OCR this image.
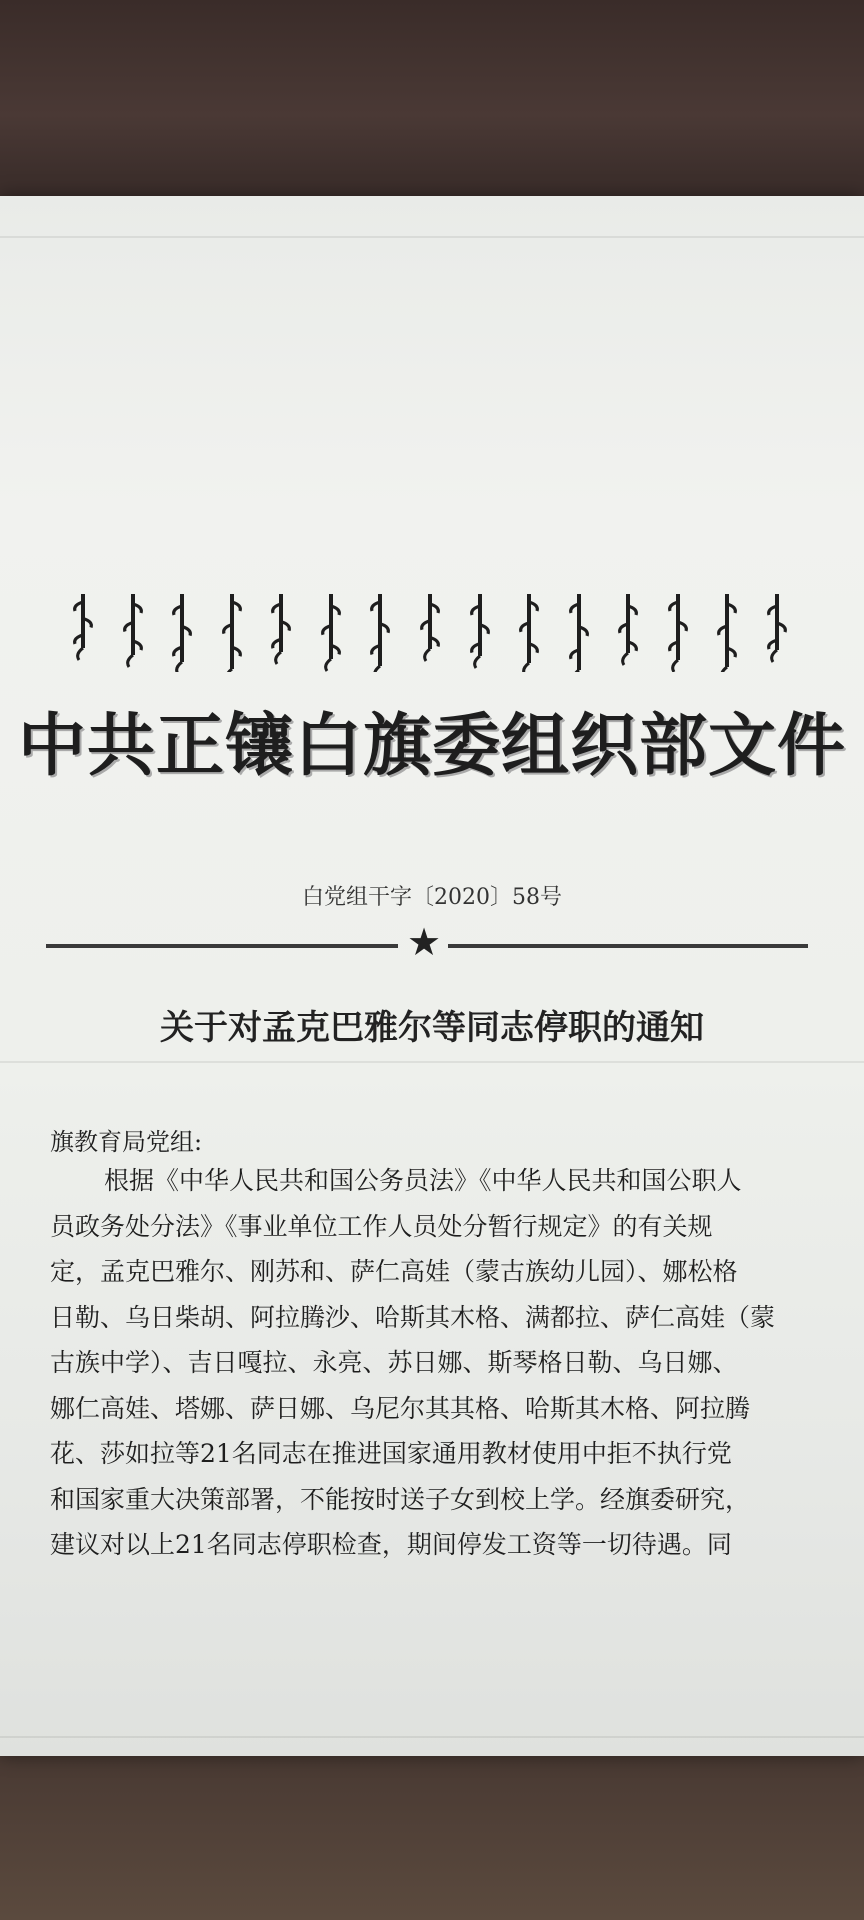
中共正镶白旗委组织部文件
白党组干字〔2020〕58号
★
关于对孟克巴雅尔等同志停职的通知
旗教育局党组:
根据《中华人民共和国公务员法》《中华人民共和国公职人
员政务处分法》《事业单位工作人员处分暂行规定》的有关规
定，孟克巴雅尔、刚苏和、萨仁高娃（蒙古族幼儿园）、娜松格
日勒、乌日柴胡、阿拉腾沙、哈斯其木格、满都拉、萨仁高娃（蒙
古族中学）、吉日嘎拉、永亮、苏日娜、斯琴格日勒、乌日娜、
娜仁高娃、塔娜、萨日娜、乌尼尔其其格、哈斯其木格、阿拉腾
花、莎如拉等21名同志在推进国家通用教材使用中拒不执行党
和国家重大决策部署，不能按时送子女到校上学。经旗委研究，
建议对以上21名同志停职检查，期间停发工资等一切待遇。同
